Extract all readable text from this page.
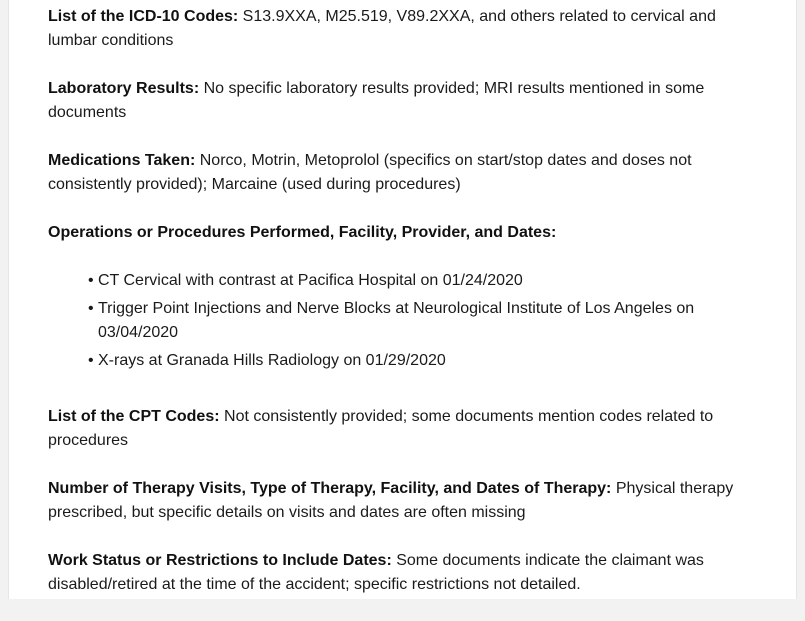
List of the ICD-10 Codes: S13.9XXA, M25.519, V89.2XXA, and others related to cervical and lumbar conditions

Laboratory Results: No specific laboratory results provided; MRI results mentioned in some documents

Medications Taken: Norco, Motrin, Metoprolol (specifics on start/stop dates and doses not consistently provided); Marcaine (used during procedures)

Operations or Procedures Performed, Facility, Provider, and Dates:

• CT Cervical with contrast at Pacifica Hospital on 01/24/2020
• Trigger Point Injections and Nerve Blocks at Neurological Institute of Los Angeles on 03/04/2020
• X-rays at Granada Hills Radiology on 01/29/2020

List of the CPT Codes: Not consistently provided; some documents mention codes related to procedures

Number of Therapy Visits, Type of Therapy, Facility, and Dates of Therapy: Physical therapy prescribed, but specific details on visits and dates are often missing

Work Status or Restrictions to Include Dates: Some documents indicate the claimant was disabled/retired at the time of the accident; specific restrictions not detailed.
